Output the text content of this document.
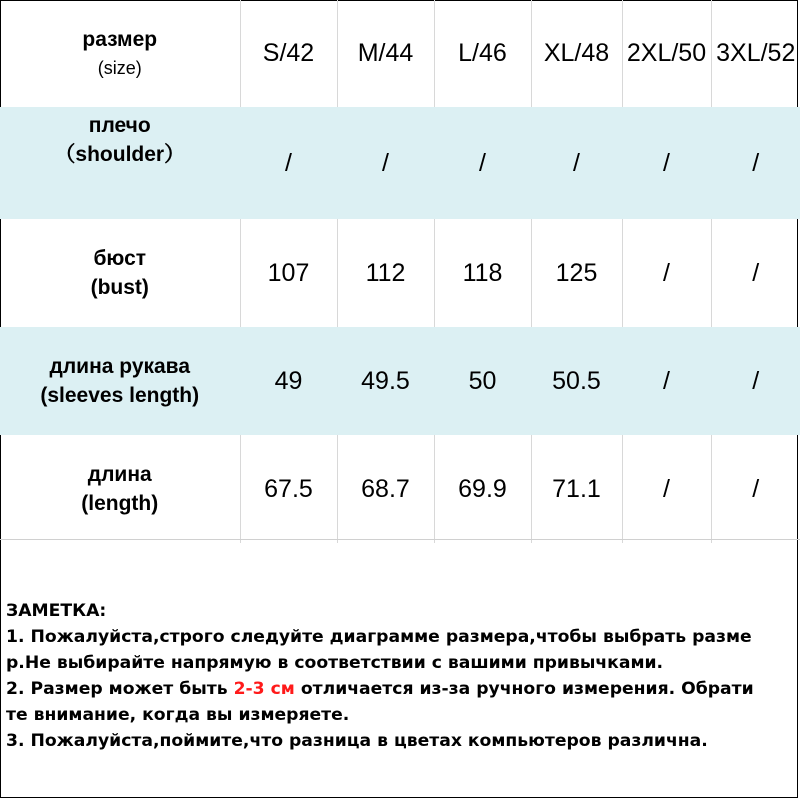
размер
(size)	S/42	M/44	L/46	XL/48	2XL/50	3XL/52

плечо
（shoulder）	/	/	/	/	/	/

бюст
(bust)	107	112	118	125	/	/

длина рукава
(sleeves length)	49	49.5	50	50.5	/	/

длина
(length)	67.5	68.7	69.9	71.1	/	/
ЗАМЕТКА:
1. Пожалуйста,строго следуйте диаграмме размера,чтобы выбрать разме
р.Не выбирайте напрямую в соответствии с вашими привычками.
2. Размер может быть 2-3 см отличается из-за ручного измерения. Обрати
те внимание, когда вы измеряете.
3. Пожалуйста,поймите,что разница в цветах компьютеров различна.
